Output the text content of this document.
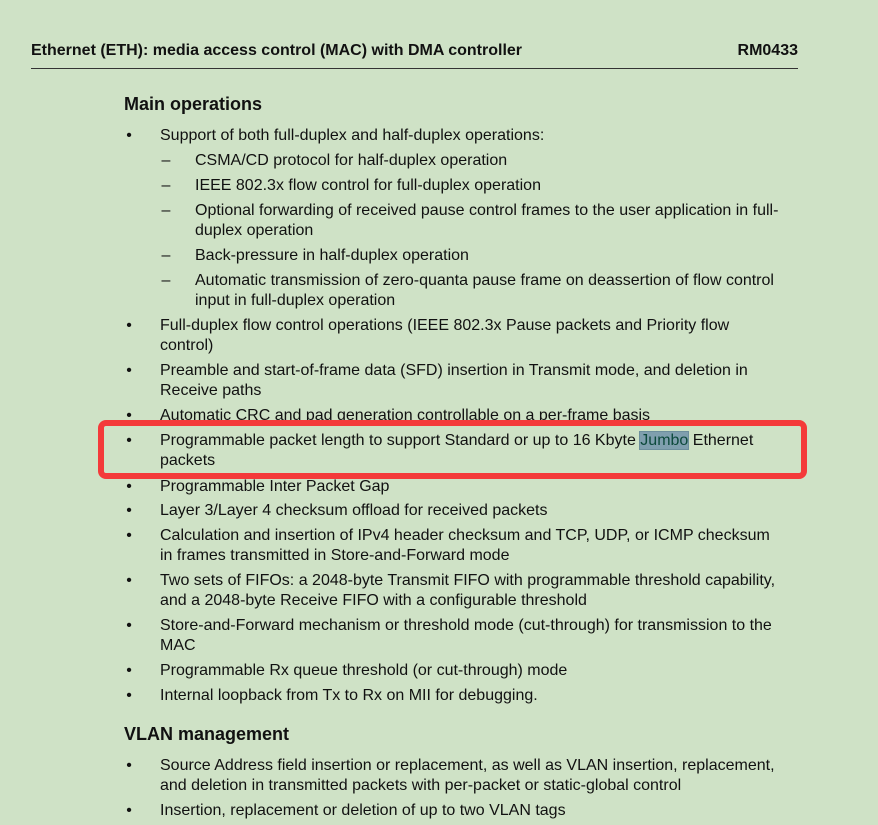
Ethernet (ETH): media access control (MAC) with DMA controller	RM0433
Main operations
• Support of both full-duplex and half-duplex operations:
– CSMA/CD protocol for half-duplex operation
– IEEE 802.3x flow control for full-duplex operation
– Optional forwarding of received pause control frames to the user application in full-
duplex operation
– Back-pressure in half-duplex operation
– Automatic transmission of zero-quanta pause frame on deassertion of flow control
input in full-duplex operation
• Full-duplex flow control operations (IEEE 802.3x Pause packets and Priority flow
control)
• Preamble and start-of-frame data (SFD) insertion in Transmit mode, and deletion in
Receive paths
• Automatic CRC and pad generation controllable on a per-frame basis
• Programmable Inter Packet Gap
• Programmable packet length to support Standard or up to 16 Kbyte Jumbo Ethernet
packets
• Layer 3/Layer 4 checksum offload for received packets
• Calculation and insertion of IPv4 header checksum and TCP, UDP, or ICMP checksum
in frames transmitted in Store-and-Forward mode
• Two sets of FIFOs: a 2048-byte Transmit FIFO with programmable threshold capability,
and a 2048-byte Receive FIFO with a configurable threshold
• Store-and-Forward mechanism or threshold mode (cut-through) for transmission to the
MAC
• Programmable Rx queue threshold (or cut-through) mode
• Internal loopback from Tx to Rx on MII for debugging.
VLAN management
• Source Address field insertion or replacement, as well as VLAN insertion, replacement,
and deletion in transmitted packets with per-packet or static-global control
• Insertion, replacement or deletion of up to two VLAN tags
